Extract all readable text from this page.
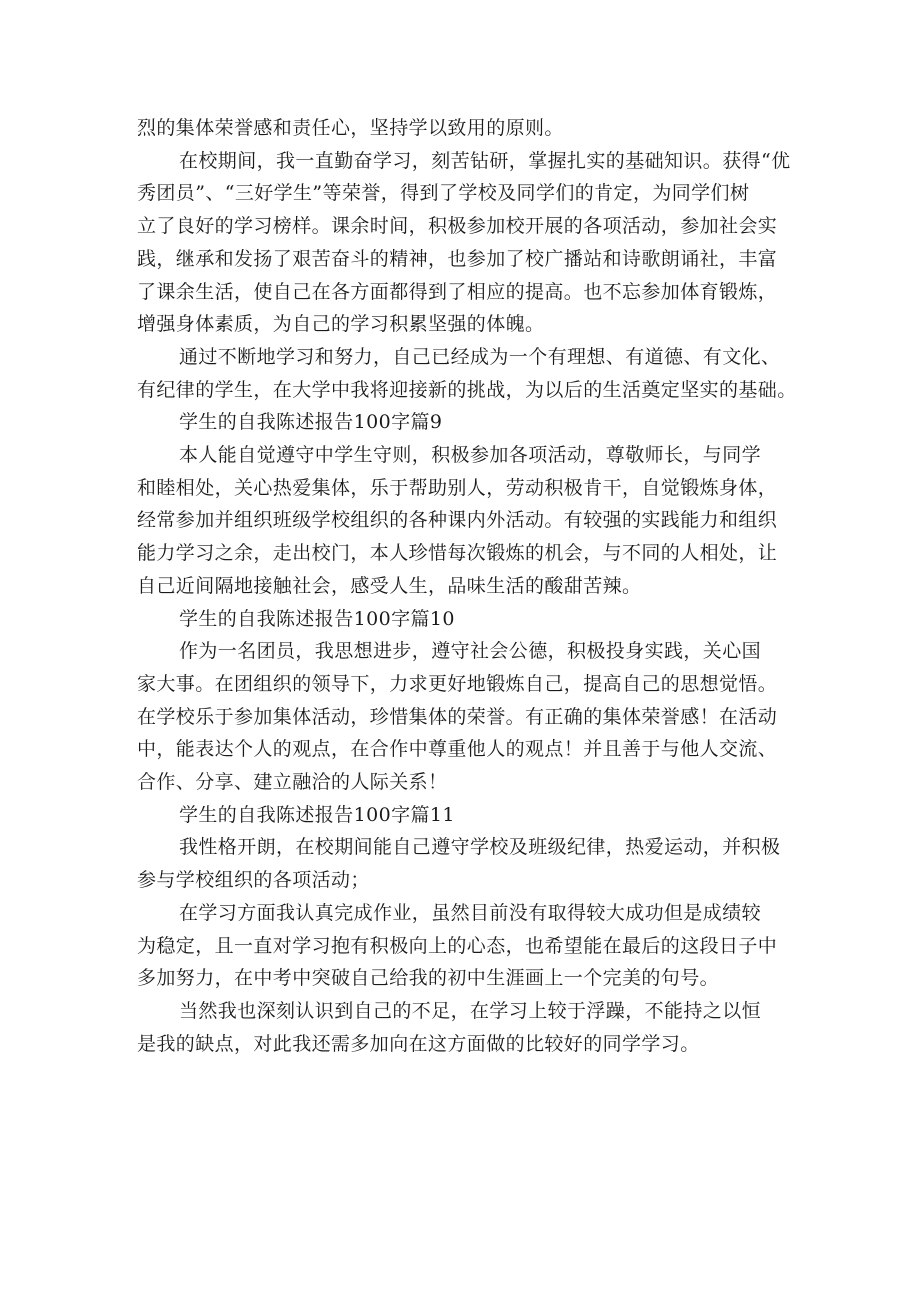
烈的集体荣誉感和责任心，坚持学以致用的原则。
在校期间，我一直勤奋学习，刻苦钻研，掌握扎实的基础知识。获得“优
秀团员”、“三好学生”等荣誉，得到了学校及同学们的肯定，为同学们树
立了良好的学习榜样。课余时间，积极参加校开展的各项活动，参加社会实
践，继承和发扬了艰苦奋斗的精神，也参加了校广播站和诗歌朗诵社，丰富
了课余生活，使自己在各方面都得到了相应的提高。也不忘参加体育锻炼，
增强身体素质，为自己的学习积累坚强的体魄。
通过不断地学习和努力，自己已经成为一个有理想、有道德、有文化、
有纪律的学生，在大学中我将迎接新的挑战，为以后的生活奠定坚实的基础。
学生的自我陈述报告100字篇9
本人能自觉遵守中学生守则，积极参加各项活动，尊敬师长，与同学
和睦相处，关心热爱集体，乐于帮助别人，劳动积极肯干，自觉锻炼身体，
经常参加并组织班级学校组织的各种课内外活动。有较强的实践能力和组织
能力学习之余，走出校门，本人珍惜每次锻炼的机会，与不同的人相处，让
自己近间隔地接触社会，感受人生，品味生活的酸甜苦辣。
学生的自我陈述报告100字篇10
作为一名团员，我思想进步，遵守社会公德，积极投身实践，关心国
家大事。在团组织的领导下，力求更好地锻炼自己，提高自己的思想觉悟。
在学校乐于参加集体活动，珍惜集体的荣誉。有正确的集体荣誉感！在活动
中，能表达个人的观点，在合作中尊重他人的观点！并且善于与他人交流、
合作、分享、建立融洽的人际关系！
学生的自我陈述报告100字篇11
我性格开朗，在校期间能自己遵守学校及班级纪律，热爱运动，并积极
参与学校组织的各项活动；
在学习方面我认真完成作业，虽然目前没有取得较大成功但是成绩较
为稳定，且一直对学习抱有积极向上的心态，也希望能在最后的这段日子中
多加努力，在中考中突破自己给我的初中生涯画上一个完美的句号。
当然我也深刻认识到自己的不足，在学习上较于浮躁，不能持之以恒
是我的缺点，对此我还需多加向在这方面做的比较好的同学学习。
